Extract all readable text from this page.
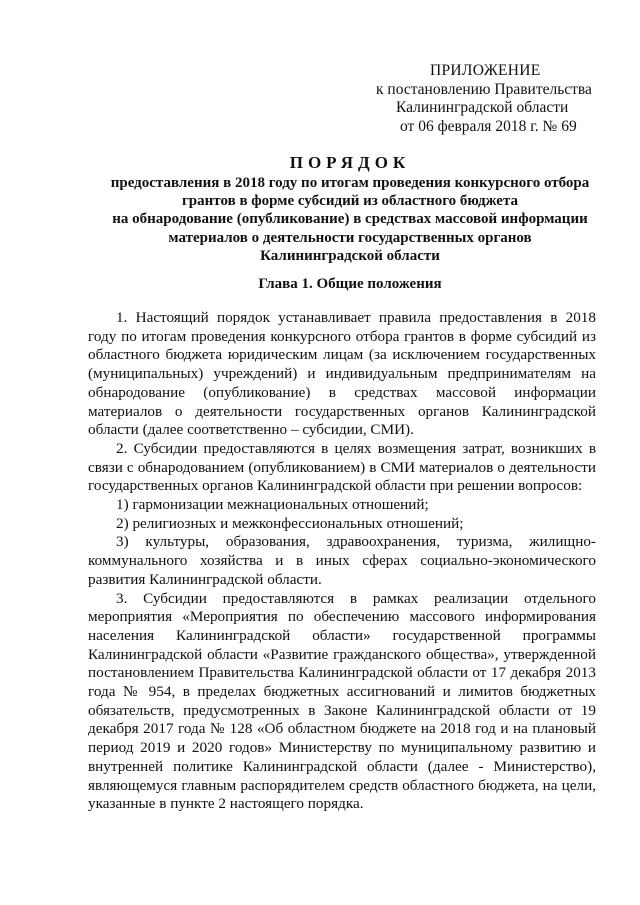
ПРИЛОЖЕНИЕ
к постановлению Правительства
Калининградской области
от 06 февраля 2018 г. № 69
ПОРЯДОК
предоставления в 2018 году по итогам проведения конкурсного отбора
грантов в форме субсидий из областного бюджета
на обнародование (опубликование) в средствах массовой информации
материалов о деятельности государственных органов
Калининградской области
Глава 1. Общие положения

1. Настоящий порядок устанавливает правила предоставления в 2018 году по итогам проведения конкурсного отбора грантов в форме субсидий из областного бюджета юридическим лицам (за исключением государственных (муниципальных) учреждений) и индивидуальным предпринимателям на обнародование (опубликование) в средствах массовой информации материалов о деятельности государственных органов Калининградской области (далее соответственно – субсидии, СМИ).

2. Субсидии предоставляются в целях возмещения затрат, возникших в связи с обнародованием (опубликованием) в СМИ материалов о деятельности государственных органов Калининградской области при решении вопросов:

1) гармонизации межнациональных отношений;

2) религиозных и межконфессиональных отношений;

3) культуры, образования, здравоохранения, туризма, жилищно-коммунального хозяйства и в иных сферах социально-экономического развития Калининградской области.

3. Субсидии предоставляются в рамках реализации отдельного мероприятия «Мероприятия по обеспечению массового информирования населения Калининградской области» государственной программы Калининградской области «Развитие гражданского общества», утвержденной постановлением Правительства Калининградской области от 17 декабря 2013 года № 954, в пределах бюджетных ассигнований и лимитов бюджетных обязательств, предусмотренных в Законе Калининградской области от 19 декабря 2017 года № 128 «Об областном бюджете на 2018 год и на плановый период 2019 и 2020 годов» Министерству по муниципальному развитию и внутренней политике Калининградской области (далее - Министерство), являющемуся главным распорядителем средств областного бюджета, на цели, указанные в пункте 2 настоящего порядка.
